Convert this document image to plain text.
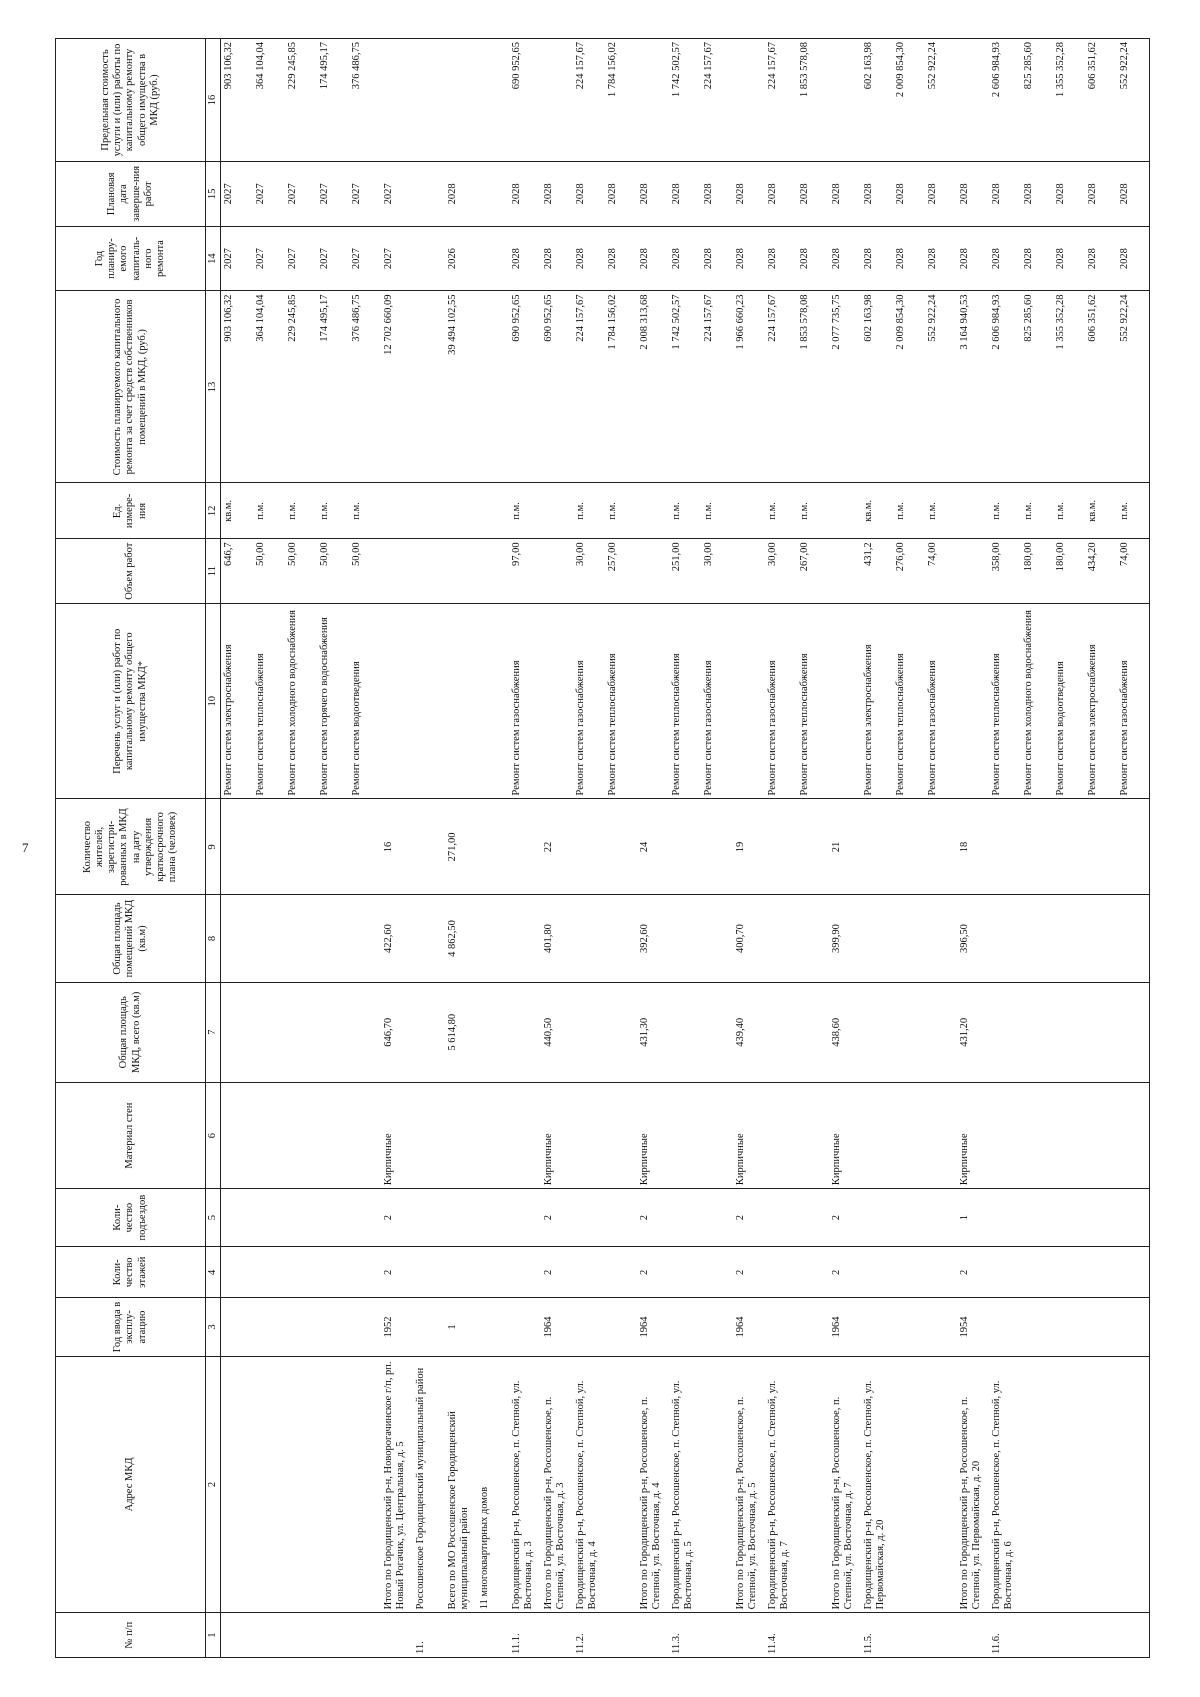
7
№ п/п	Адрес МКД	Год ввода в эксплу-атацию	Коли-чество этажей	Коли-чество подъездов	Материал стен	Общая площадь МКД, всего (кв.м)	Общая площадь помещений МКД (кв.м)	Количество жителей, зарегистри-рованных в МКД на дату утверждения краткосрочного плана (человек)	Перечень услуг и (или) работ по капитальному ремонту общего имущества МКД*	Объем работ	Ед. измере-ния	Стоимость планируемого капитального ремонта за счет средств собственников помещений в МКД, (руб.)	Год планиру-емого капиталь-ного ремонта	Плановая дата заверше-ния работ	Предельная стоимость услуги и (или) работы по капитальному ремонту общего имущества в МКД (руб.)
1	2	3	4	5	6	7	8	9	10	11	12	13	14	15	16
									Ремонт систем электроснабжения	646,7	кв.м.	903 106,32	2027	2027	903 106,32
									Ремонт систем теплоснабжения	50,00	п.м.	364 104,04	2027	2027	364 104,04
									Ремонт систем холодного водоснабжения	50,00	п.м.	229 245,85	2027	2027	229 245,85
									Ремонт систем горячего водоснабжения	50,00	п.м.	174 495,17	2027	2027	174 495,17
									Ремонт систем водоотведения	50,00	п.м.	376 486,75	2027	2027	376 486,75
	Итого по Городищенский р-н, Новорогачинское г/п, рп. Новый Рогачик, ул. Центральная, д. 5	1952	2	2	Кирпичные	646,70	422,60	16				12 702 660,09	2027	2027	
11.	Россошенское Городищенский муниципальный район														
	Всего по МО Россошенское Городищенский муниципальный район	1				5 614,80	4 862,50	271,00				39 494 102,55	2026	2028	
	11 многоквартирных домов														
11.1.	Городищенский р-н, Россошенское, п. Степной, ул. Восточная, д. 3								Ремонт систем газоснабжения	97,00	п.м.	690 952,65	2028	2028	690 952,65
	Итого по Городищенский р-н, Россошенское, п. Степной, ул. Восточная, д. 3	1964	2	2	Кирпичные	440,50	401,80	22				690 952,65	2028	2028	
11.2.	Городищенский р-н, Россошенское, п. Степной, ул. Восточная, д. 4								Ремонт систем газоснабжения	30,00	п.м.	224 157,67	2028	2028	224 157,67
									Ремонт систем теплоснабжения	257,00	п.м.	1 784 156,02	2028	2028	1 784 156,02
	Итого по Городищенский р-н, Россошенское, п. Степной, ул. Восточная, д. 4	1964	2	2	Кирпичные	431,30	392,60	24				2 008 313,68	2028	2028	
11.3.	Городищенский р-н, Россошенское, п. Степной, ул. Восточная, д. 5								Ремонт систем теплоснабжения	251,00	п.м.	1 742 502,57	2028	2028	1 742 502,57
									Ремонт систем газоснабжения	30,00	п.м.	224 157,67	2028	2028	224 157,67
	Итого по Городищенский р-н, Россошенское, п. Степной, ул. Восточная, д. 5	1964	2	2	Кирпичные	439,40	400,70	19				1 966 660,23	2028	2028	
11.4.	Городищенский р-н, Россошенское, п. Степной, ул. Восточная, д. 7								Ремонт систем газоснабжения	30,00	п.м.	224 157,67	2028	2028	224 157,67
									Ремонт систем теплоснабжения	267,00	п.м.	1 853 578,08	2028	2028	1 853 578,08
	Итого по Городищенский р-н, Россошенское, п. Степной, ул. Восточная, д. 7	1964	2	2	Кирпичные	438,60	399,90	21				2 077 735,75	2028	2028	
11.5.	Городищенский р-н, Россошенское, п. Степной, ул. Первомайская, д. 20								Ремонт систем электроснабжения	431,2	кв.м.	602 163,98	2028	2028	602 163,98
									Ремонт систем теплоснабжения	276,00	п.м.	2 009 854,30	2028	2028	2 009 854,30
									Ремонт систем газоснабжения	74,00	п.м.	552 922,24	2028	2028	552 922,24
	Итого по Городищенский р-н, Россошенское, п. Степной, ул. Первомайская, д. 20	1954	2	1	Кирпичные	431,20	396,50	18				3 164 940,53	2028	2028	
11.6.	Городищенский р-н, Россошенское, п. Степной, ул. Восточная, д. 6								Ремонт систем теплоснабжения	358,00	п.м.	2 606 984,93	2028	2028	2 606 984,93
									Ремонт систем холодного водоснабжения	180,00	п.м.	825 285,60	2028	2028	825 285,60
									Ремонт систем водоотведения	180,00	п.м.	1 355 352,28	2028	2028	1 355 352,28
									Ремонт систем электроснабжения	434,20	кв.м.	606 351,62	2028	2028	606 351,62
									Ремонт систем газоснабжения	74,00	п.м.	552 922,24	2028	2028	552 922,24
